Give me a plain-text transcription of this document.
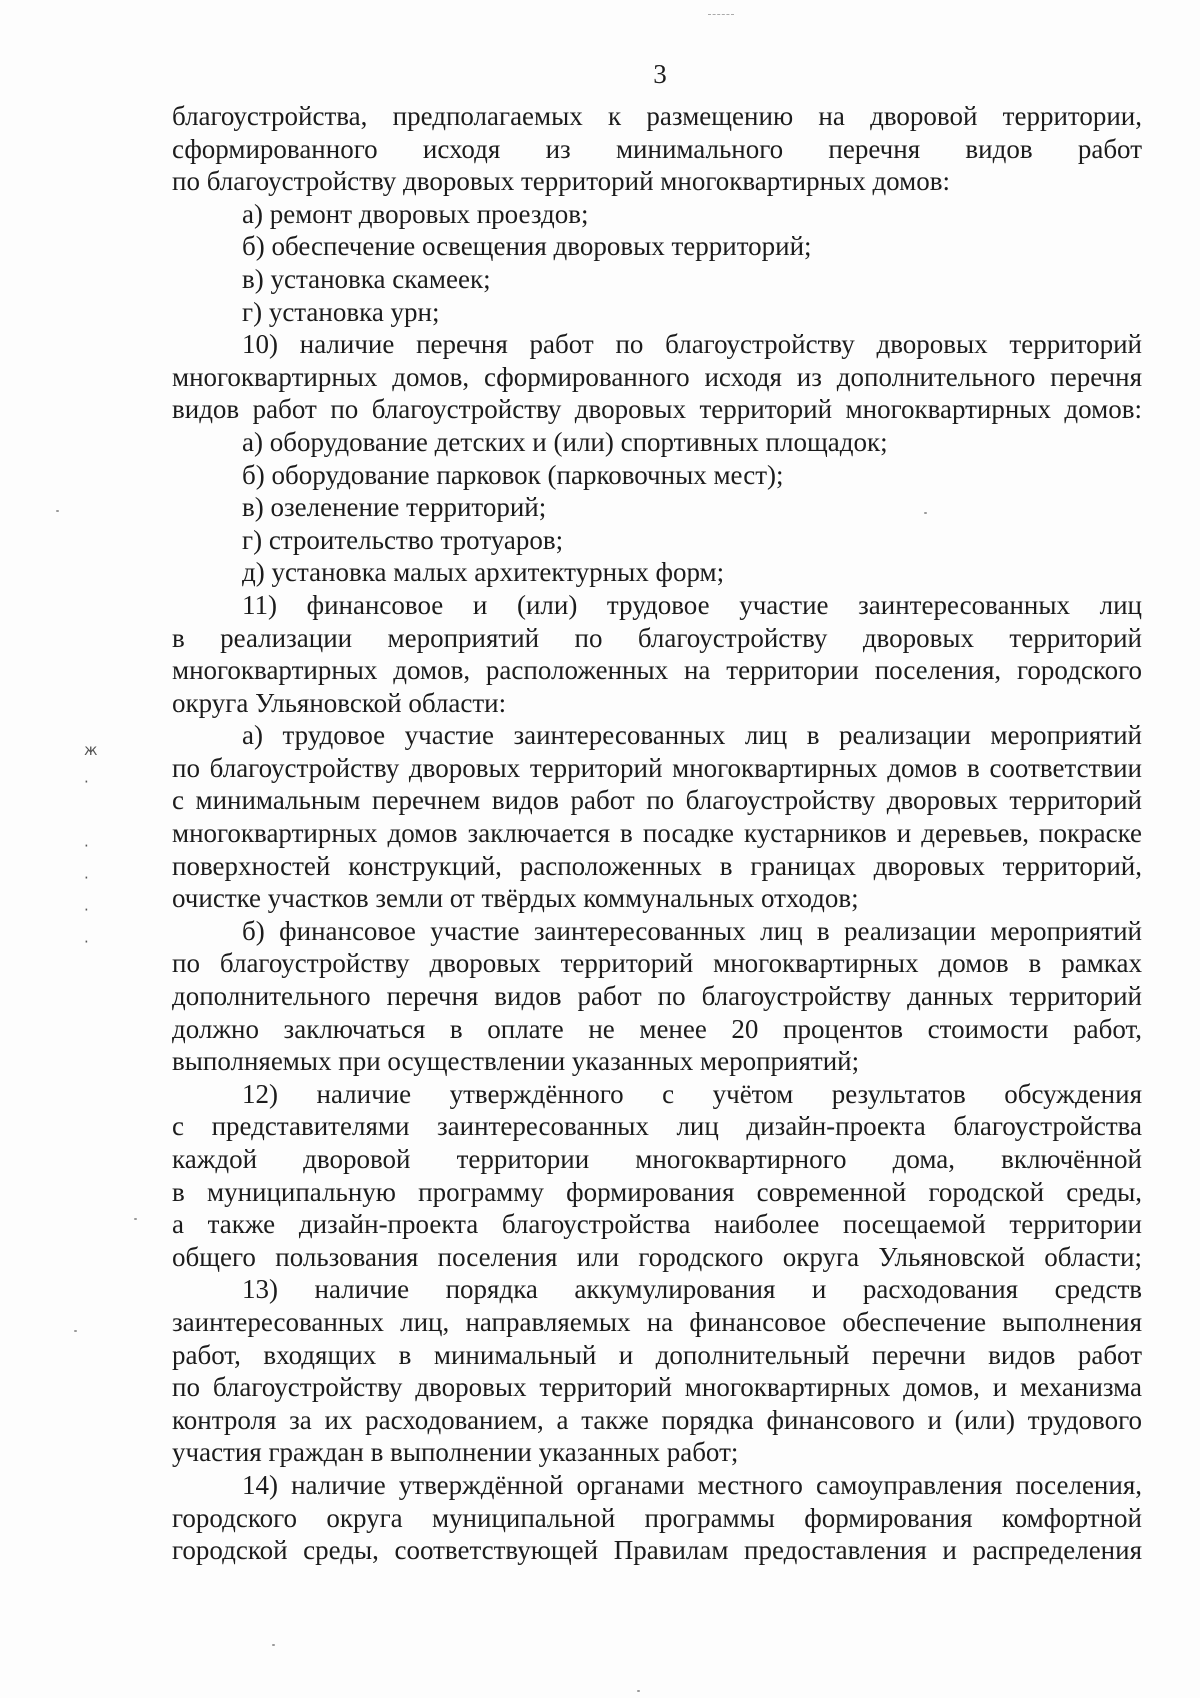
3
ж
·
·
·
·
·
благоустройства, предполагаемых к размещению на дворовой территории,
сформированного исходя из минимального перечня видов работ
по благоустройству дворовых территорий многоквартирных домов:
а) ремонт дворовых проездов;
б) обеспечение освещения дворовых территорий;
в) установка скамеек;
г) установка урн;
10) наличие перечня работ по благоустройству дворовых территорий
многоквартирных домов, сформированного исходя из дополнительного перечня
видов работ по благоустройству дворовых территорий многоквартирных домов:
а) оборудование детских и (или) спортивных площадок;
б) оборудование парковок (парковочных мест);
в) озеленение территорий;
г) строительство тротуаров;
д) установка малых архитектурных форм;
11) финансовое и (или) трудовое участие заинтересованных лиц
в реализации мероприятий по благоустройству дворовых территорий
многоквартирных домов, расположенных на территории поселения, городского
округа Ульяновской области:
а) трудовое участие заинтересованных лиц в реализации мероприятий
по благоустройству дворовых территорий многоквартирных домов в соответствии
с минимальным перечнем видов работ по благоустройству дворовых территорий
многоквартирных домов заключается в посадке кустарников и деревьев, покраске
поверхностей конструкций, расположенных в границах дворовых территорий,
очистке участков земли от твёрдых коммунальных отходов;
б) финансовое участие заинтересованных лиц в реализации мероприятий
по благоустройству дворовых территорий многоквартирных домов в рамках
дополнительного перечня видов работ по благоустройству данных территорий
должно заключаться в оплате не менее 20 процентов стоимости работ,
выполняемых при осуществлении указанных мероприятий;
12) наличие утверждённого с учётом результатов обсуждения
с представителями заинтересованных лиц дизайн-проекта благоустройства
каждой дворовой территории многоквартирного дома, включённой
в муниципальную программу формирования современной городской среды,
а также дизайн-проекта благоустройства наиболее посещаемой территории
общего пользования поселения или городского округа Ульяновской области;
13) наличие порядка аккумулирования и расходования средств
заинтересованных лиц, направляемых на финансовое обеспечение выполнения
работ, входящих в минимальный и дополнительный перечни видов работ
по благоустройству дворовых территорий многоквартирных домов, и механизма
контроля за их расходованием, а также порядка финансового и (или) трудового
участия граждан в выполнении указанных работ;
14) наличие утверждённой органами местного самоуправления поселения,
городского округа муниципальной программы формирования комфортной
городской среды, соответствующей Правилам предоставления и распределения
